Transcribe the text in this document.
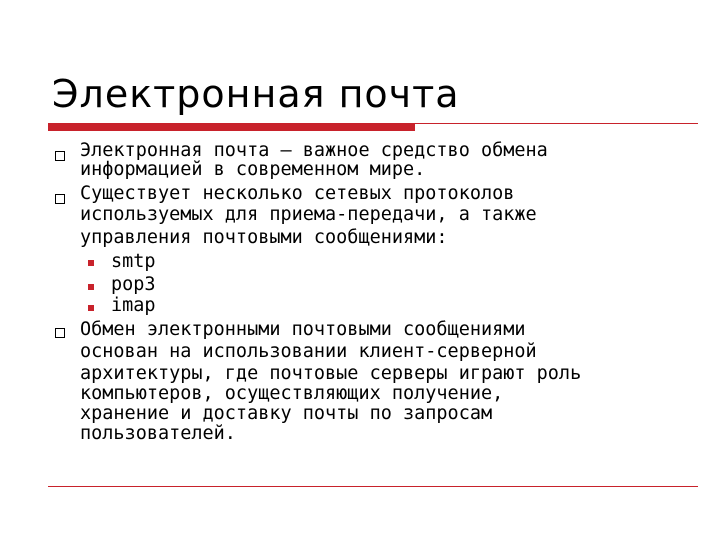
Электронная почта
Электронная почта – важное средство обмена
информацией в современном мире.
Существует несколько сетевых протоколов
используемых для приема-передачи, а также
управления почтовыми сообщениями:
smtp
pop3
imap
Обмен электронными почтовыми сообщениями
основан на использовании клиент-серверной
архитектуры, где почтовые серверы играют роль
компьютеров, осуществляющих получение,
хранение и доставку почты по запросам
пользователей.
